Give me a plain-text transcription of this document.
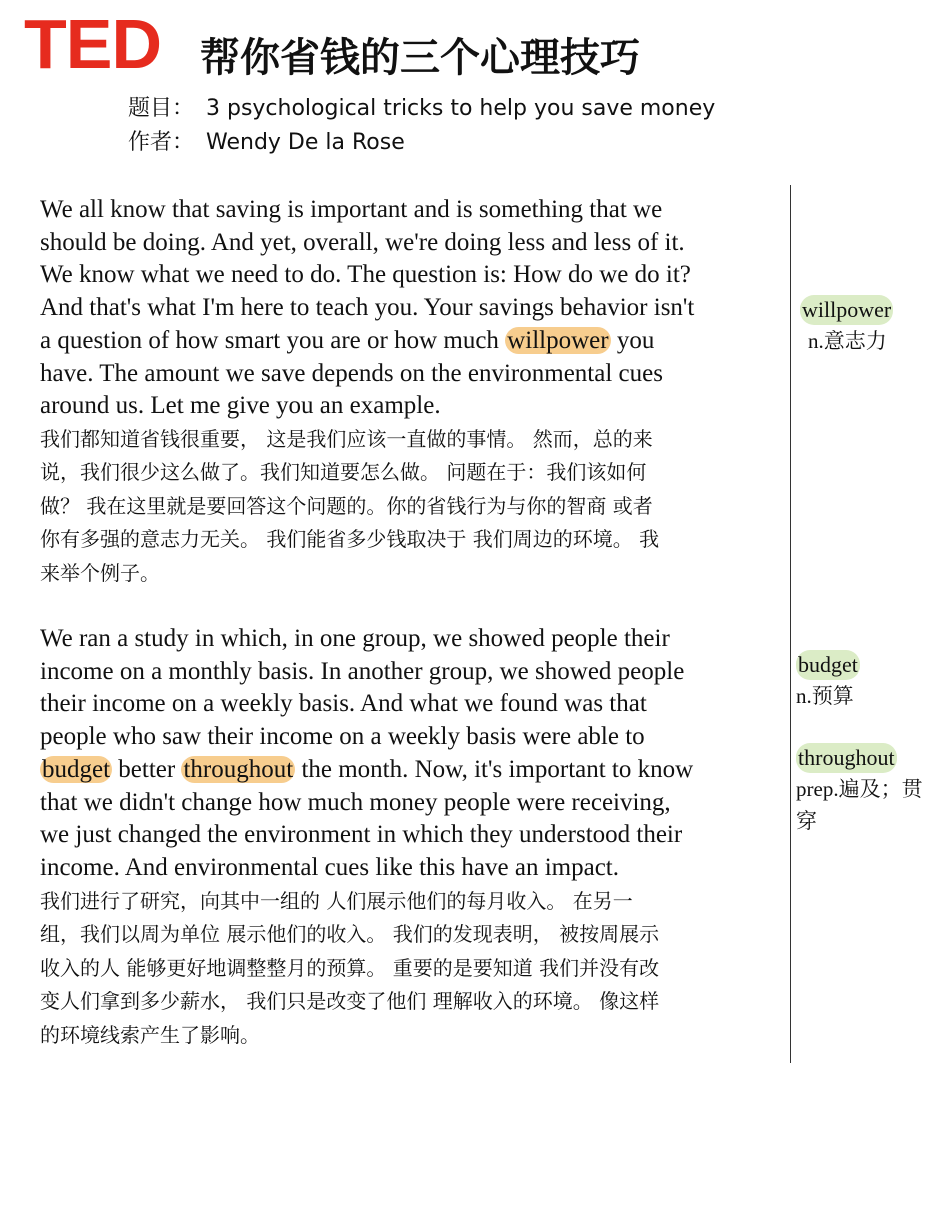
TED 帮你省钱的三个心理技巧
题目： 3 psychological tricks to help you save money
作者： Wendy De la Rose

We all know that saving is important and is something that we

should be doing. And yet, overall, we're doing less and less of it.

We know what we need to do. The question is: How do we do it?

And that's what I'm here to teach you. Your savings behavior isn't

a question of how smart you are or how much willpower you

have. The amount we save depends on the environmental cues

around us. Let me give you an example.

我们都知道省钱很重要， 这是我们应该一直做的事情。 然而，总的来

说，我们很少这么做了。我们知道要怎么做。 问题在于：我们该如何

做？ 我在这里就是要回答这个问题的。你的省钱行为与你的智商 或者

你有多强的意志力无关。 我们能省多少钱取决于 我们周边的环境。 我

来举个例子。

We ran a study in which, in one group, we showed people their

income on a monthly basis. In another group, we showed people

their income on a weekly basis. And what we found was that

people who saw their income on a weekly basis were able to

budget better throughout the month. Now, it's important to know

that we didn't change how much money people were receiving,

we just changed the environment in which they understood their

income. And environmental cues like this have an impact.

我们进行了研究，向其中一组的 人们展示他们的每月收入。 在另一

组，我们以周为单位 展示他们的收入。 我们的发现表明， 被按周展示

收入的人 能够更好地调整整月的预算。 重要的是要知道 我们并没有改

变人们拿到多少薪水， 我们只是改变了他们 理解收入的环境。 像这样

的环境线索产生了影响。

willpower
n.意志力
budget
n.预算
throughout
prep.遍及；贯
穿
